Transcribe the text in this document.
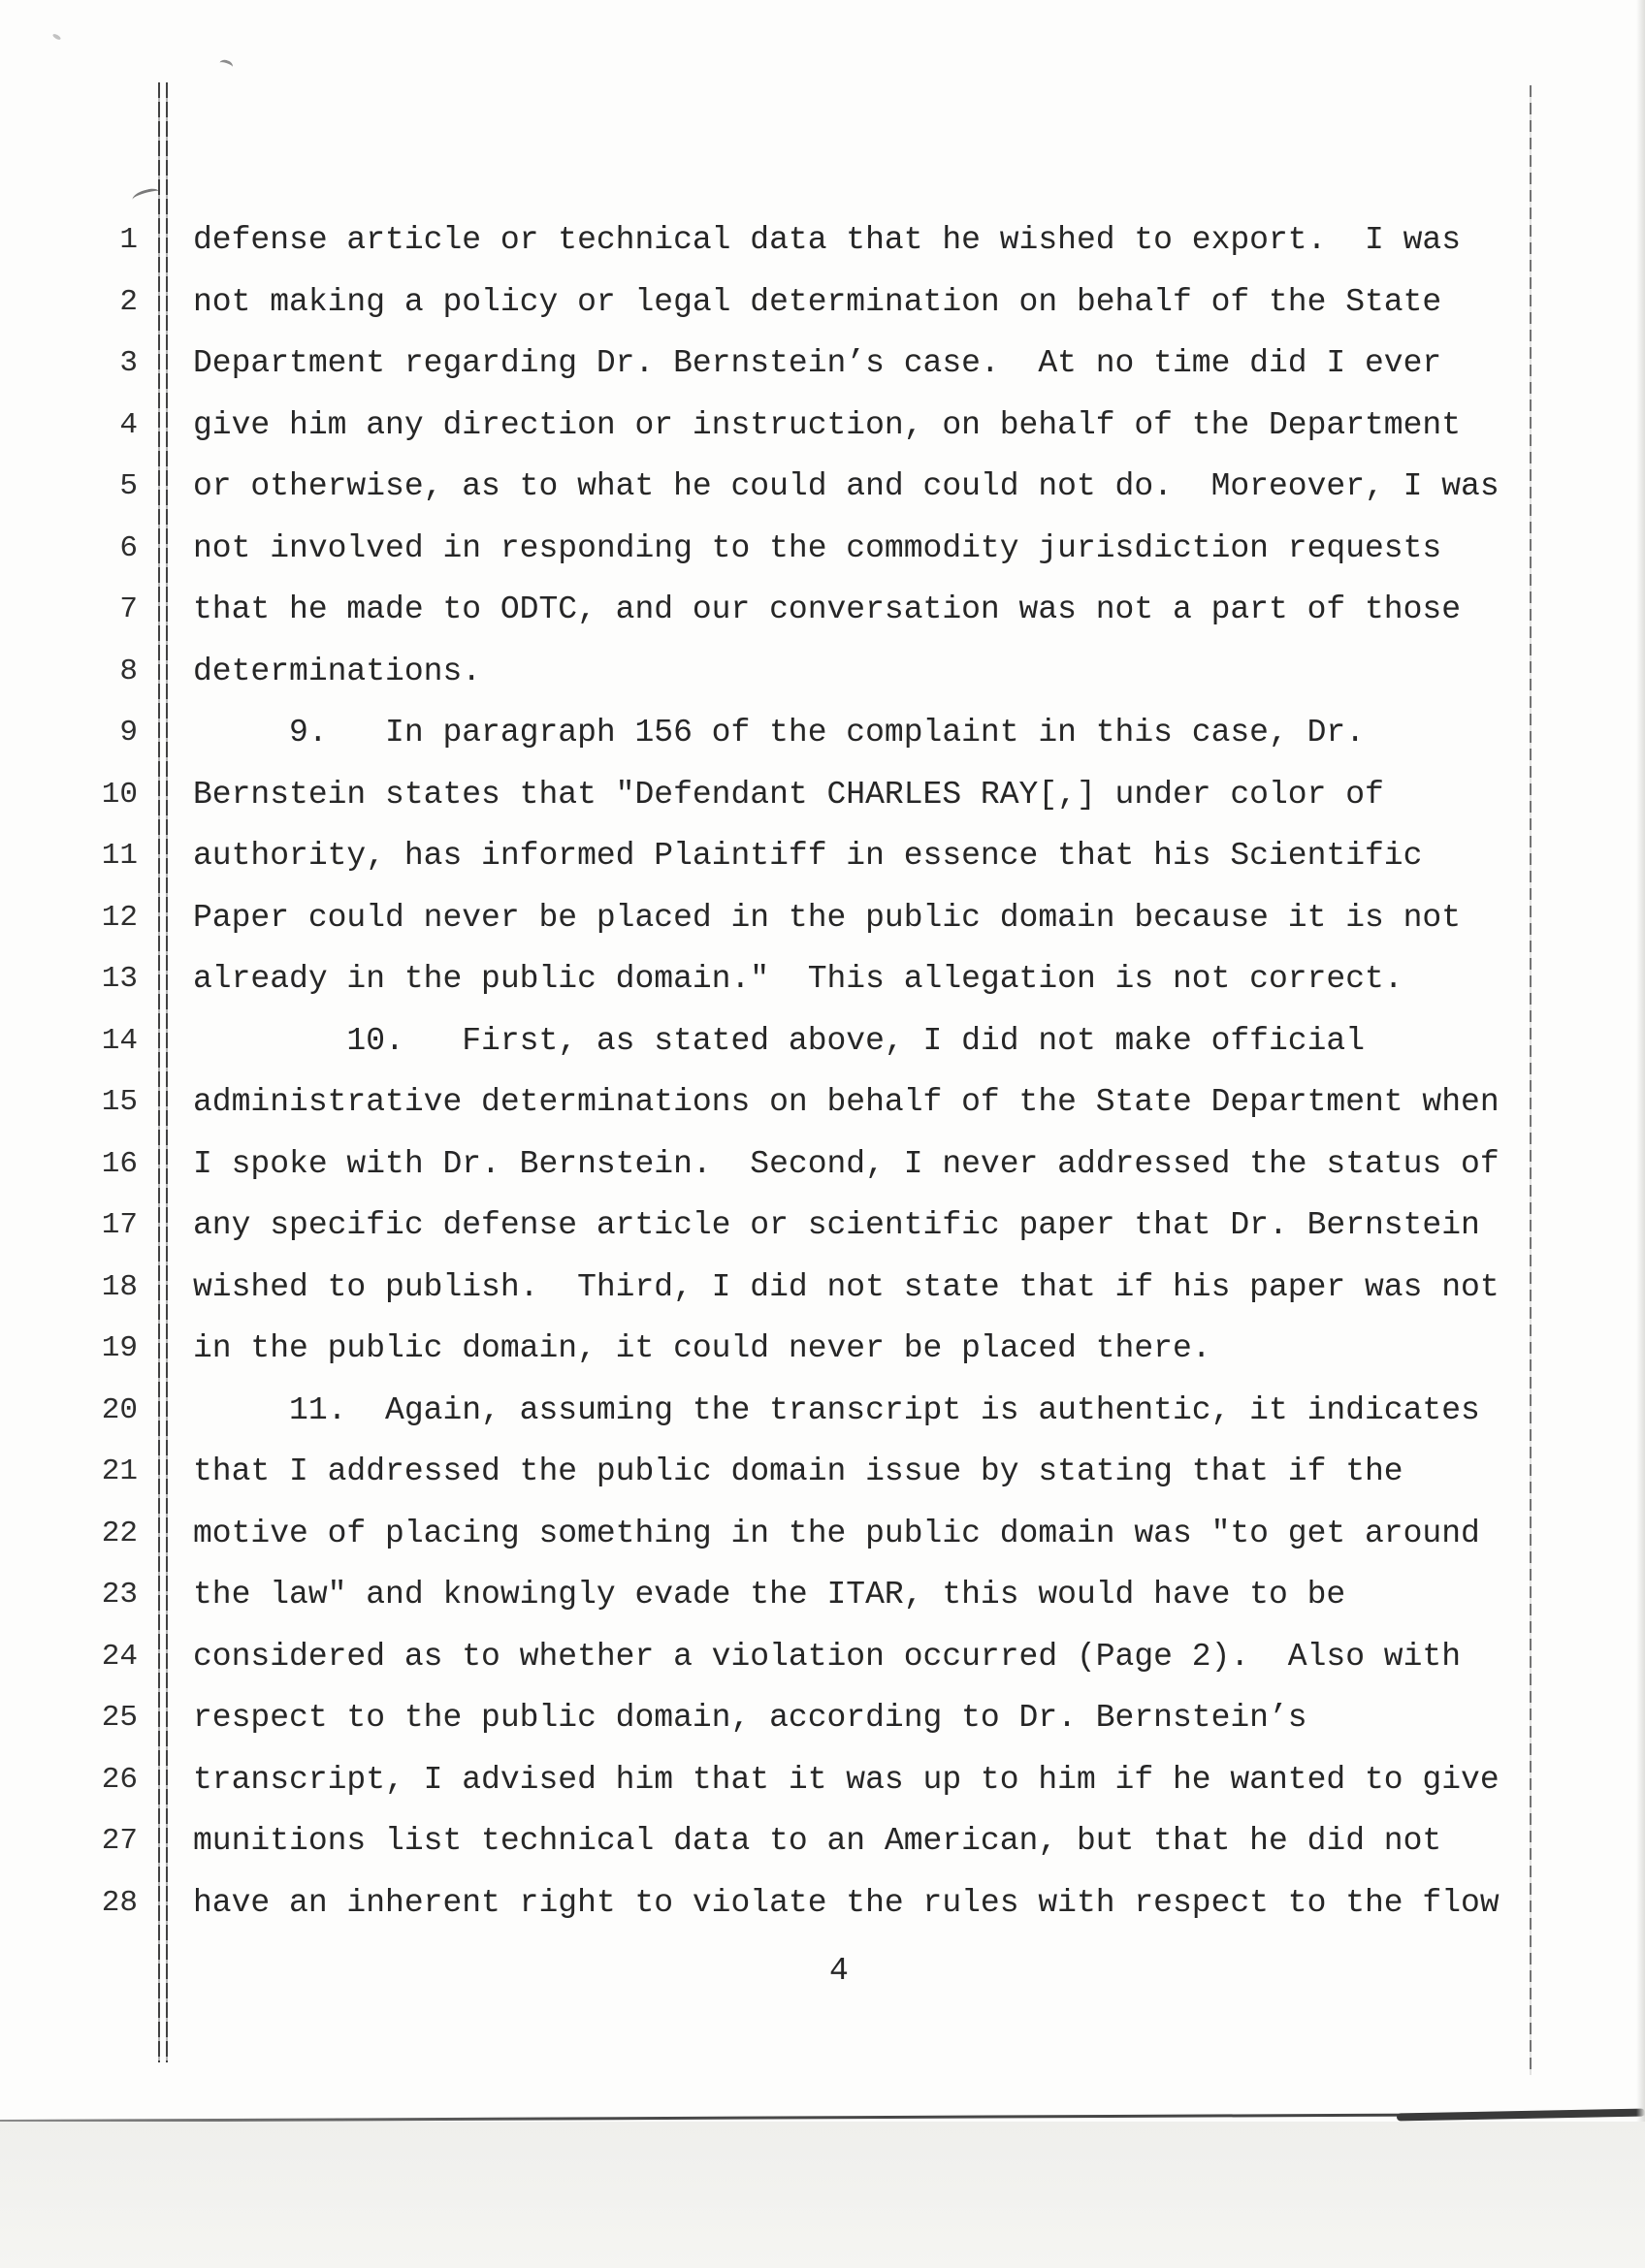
1 defense article or technical data that he wished to export.  I was
2 not making a policy or legal determination on behalf of the State
3 Department regarding Dr. Bernstein’s case.  At no time did I ever
4 give him any direction or instruction, on behalf of the Department
5 or otherwise, as to what he could and could not do.  Moreover, I was
6 not involved in responding to the commodity jurisdiction requests
7 that he made to ODTC, and our conversation was not a part of those
8 determinations.
9 9.   In paragraph 156 of the complaint in this case, Dr.
10 Bernstein states that "Defendant CHARLES RAY[,] under color of
11 authority, has informed Plaintiff in essence that his Scientific
12 Paper could never be placed in the public domain because it is not
13 already in the public domain."  This allegation is not correct.
14 10.   First, as stated above, I did not make official
15 administrative determinations on behalf of the State Department when
16 I spoke with Dr. Bernstein.  Second, I never addressed the status of
17 any specific defense article or scientific paper that Dr. Bernstein
18 wished to publish.  Third, I did not state that if his paper was not
19 in the public domain, it could never be placed there.
20 11.  Again, assuming the transcript is authentic, it indicates
21 that I addressed the public domain issue by stating that if the
22 motive of placing something in the public domain was "to get around
23 the law" and knowingly evade the ITAR, this would have to be
24 considered as to whether a violation occurred (Page 2).  Also with
25 respect to the public domain, according to Dr. Bernstein’s
26 transcript, I advised him that it was up to him if he wanted to give
27 munitions list technical data to an American, but that he did not
28 have an inherent right to violate the rules with respect to the flow
4
